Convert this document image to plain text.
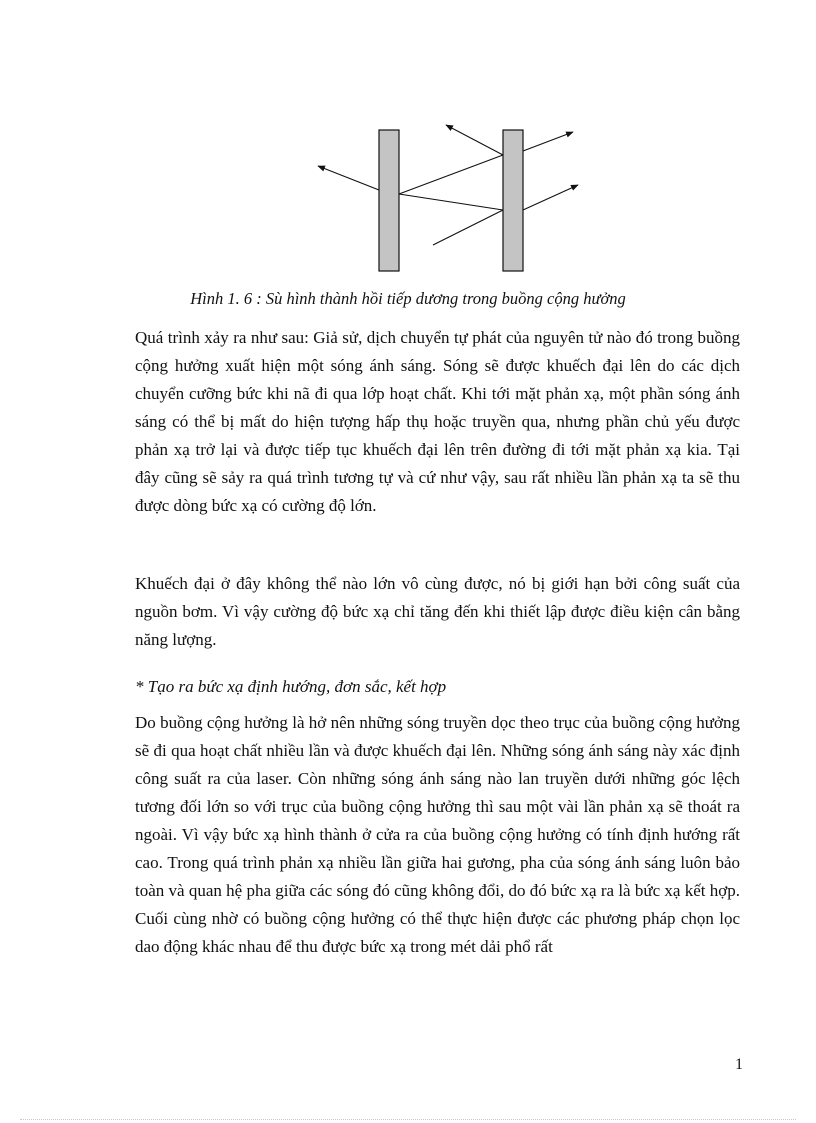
Hình 1. 6 : Sù hình thành hồi tiếp dương trong buồng cộng hưởng

Quá trình xảy ra như sau: Giả sử, dịch chuyển tự phát của nguyên tử nào đó trong buồng cộng hưởng xuất hiện một sóng ánh sáng. Sóng sẽ được khuếch đại lên do các dịch chuyển cưỡng bức khi nã đi qua lớp hoạt chất. Khi tới mặt phản xạ, một phần sóng ánh sáng có thể bị mất do hiện tượng hấp thụ hoặc truyền qua, nhưng phần chủ yếu được phản xạ trở lại và được tiếp tục khuếch đại lên trên đường đi tới mặt phản xạ kia. Tại đây cũng sẽ sảy ra quá trình tương tự và cứ như vậy, sau rất nhiều lần phản xạ ta sẽ thu được dòng bức xạ có cường độ lớn.

Khuếch đại ở đây không thể nào lớn vô cùng được, nó bị giới hạn bởi công suất của nguồn bơm. Vì vậy cường độ bức xạ chỉ tăng đến khi thiết lập được điều kiện cân bằng năng lượng.

* Tạo ra bức xạ định hướng, đơn sắc, kết hợp

Do buồng cộng hưởng là hở nên những sóng truyền dọc theo trục của buồng cộng hưởng sẽ đi qua hoạt chất nhiều lần và được khuếch đại lên. Những sóng ánh sáng này xác định công suất ra của laser. Còn những sóng ánh sáng nào lan truyền dưới những góc lệch tương đối lớn so với trục của buồng cộng hưởng thì sau một vài lần phản xạ sẽ thoát ra ngoài. Vì vậy bức xạ hình thành ở cửa ra của buồng cộng hưởng có tính định hướng rất cao. Trong quá trình phản xạ nhiều lần giữa hai gương, pha của sóng ánh sáng luôn bảo toàn và quan hệ pha giữa các sóng đó cũng không đổi, do đó bức xạ ra là bức xạ kết hợp. Cuối cùng nhờ có buồng cộng hưởng có thể thực hiện được các phương pháp chọn lọc dao động khác nhau để thu được bức xạ trong mét dải phổ rất

1
